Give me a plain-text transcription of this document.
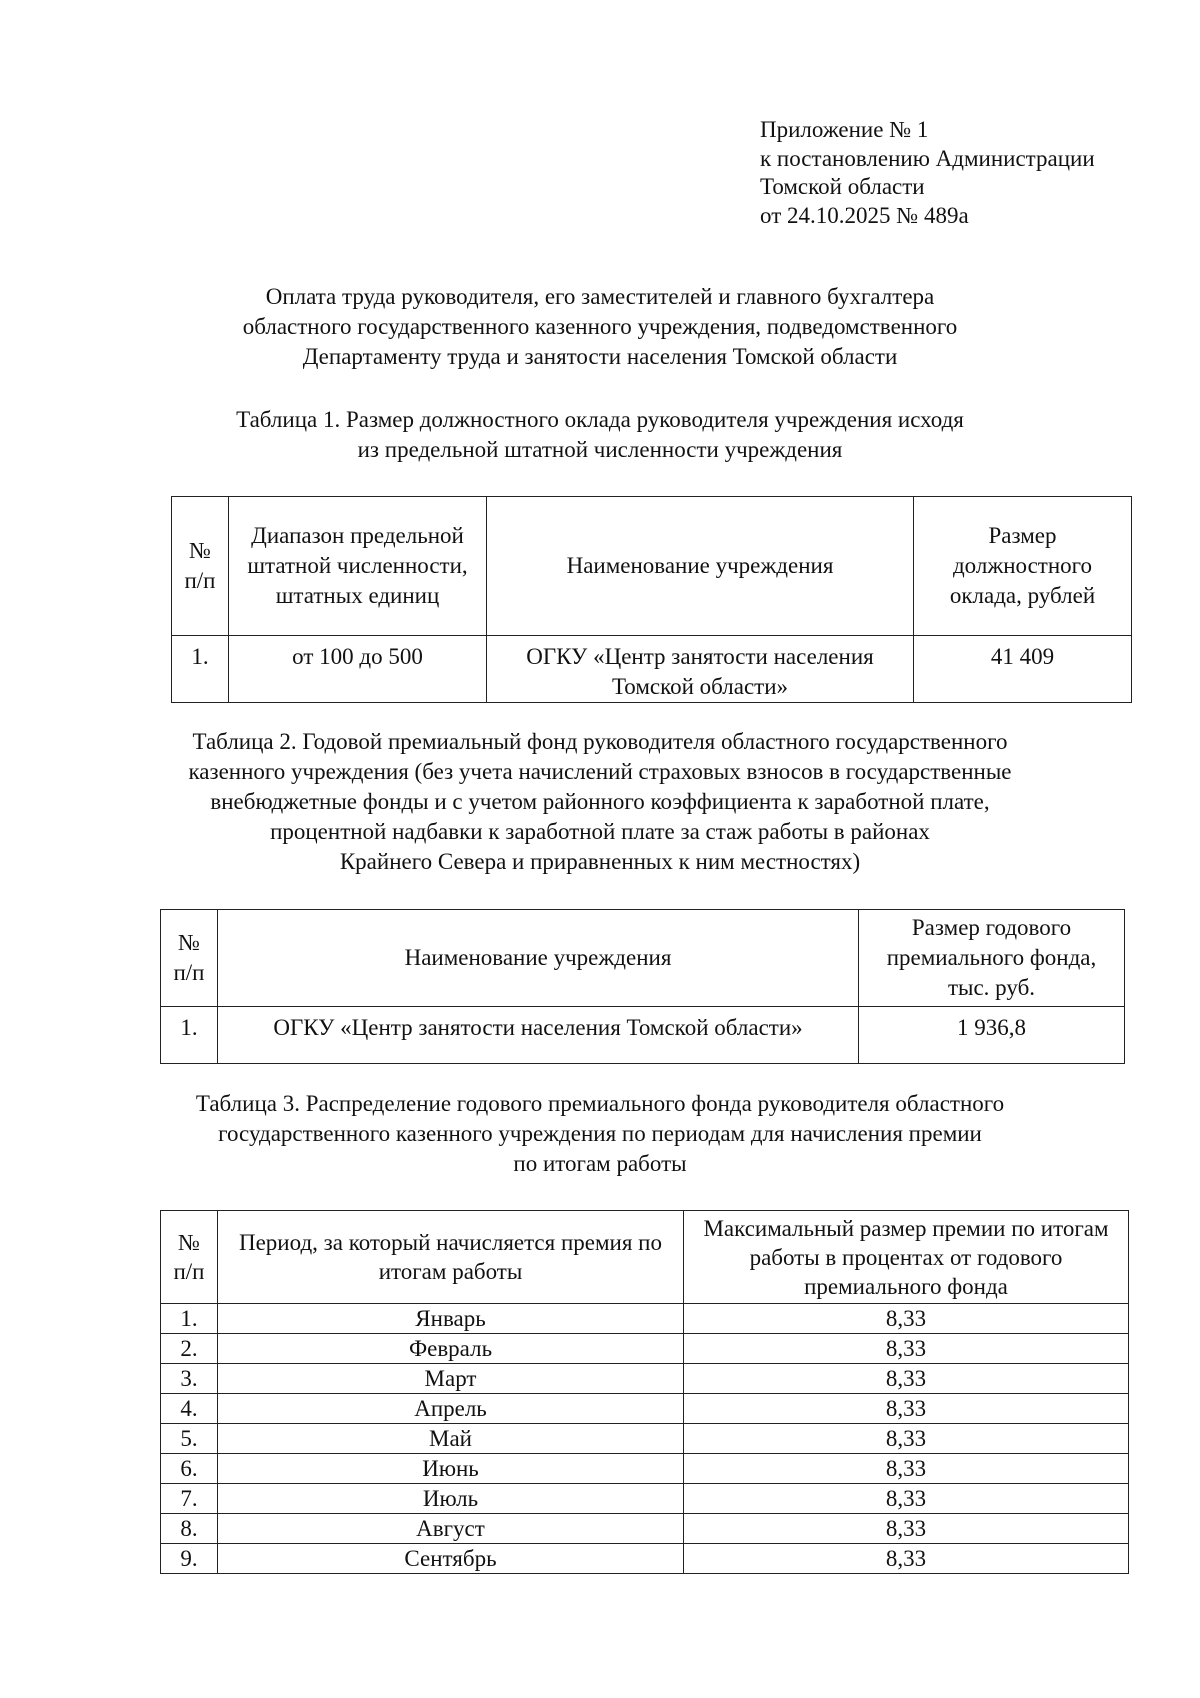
Приложение № 1
к постановлению Администрации
Томской области
от 24.10.2025 № 489а
Оплата труда руководителя, его заместителей и главного бухгалтера
областного государственного казенного учреждения, подведомственного
Департаменту труда и занятости населения Томской области
Таблица 1. Размер должностного оклада руководителя учреждения исходя
из предельной штатной численности учреждения
№ п/п	Диапазон предельной штатной численности, штатных единиц	Наименование учреждения	Размер должностного оклада, рублей
1.	от 100 до 500	ОГКУ «Центр занятости населения Томской области»	41 409
Таблица 2. Годовой премиальный фонд руководителя областного государственного
казенного учреждения (без учета начислений страховых взносов в государственные
внебюджетные фонды и с учетом районного коэффициента к заработной плате,
процентной надбавки к заработной плате за стаж работы в районах
Крайнего Севера и приравненных к ним местностях)
№ п/п	Наименование учреждения	Размер годового премиального фонда, тыс. руб.
1.	ОГКУ «Центр занятости населения Томской области»	1 936,8
Таблица 3. Распределение годового премиального фонда руководителя областного
государственного казенного учреждения по периодам для начисления премии
по итогам работы
№ п/п	Период, за который начисляется премия по итогам работы	Максимальный размер премии по итогам работы в процентах от годового премиального фонда
1.	Январь	8,33
2.	Февраль	8,33
3.	Март	8,33
4.	Апрель	8,33
5.	Май	8,33
6.	Июнь	8,33
7.	Июль	8,33
8.	Август	8,33
9.	Сентябрь	8,33
